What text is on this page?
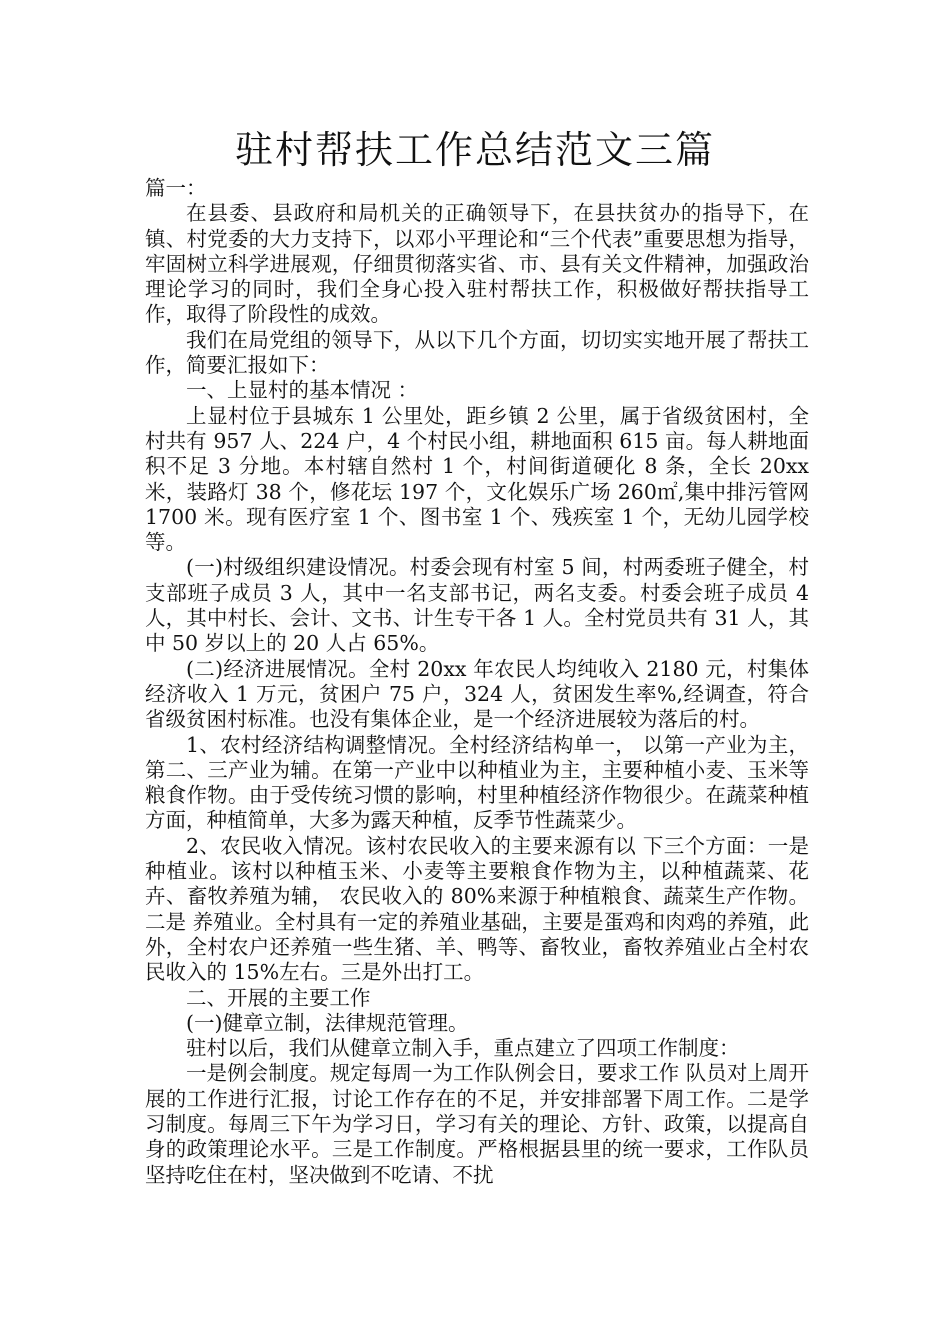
驻村帮扶工作总结范文三篇

篇一：

在县委、县政府和局机关的正确领导下，在县扶贫办的指导下，在镇、村党委的大力支持下，以邓小平理论和“三个代表”重要思想为指导，牢固树立科学进展观，仔细贯彻落实省、市、县有关文件精神，加强政治理论学习的同时，我们全身心投入驻村帮扶工作，积极做好帮扶指导工作，取得了阶段性的成效。

我们在局党组的领导下，从以下几个方面，切切实实地开展了帮扶工作，简要汇报如下：

一、上显村的基本情况 ：

上显村位于县城东 1 公里处，距乡镇 2 公里，属于省级贫困村，全村共有 957 人、224 户，4 个村民小组，耕地面积 615 亩。每人耕地面积不足 3 分地。本村辖自然村 1 个，村间街道硬化 8 条，全长 20xx 米，装路灯 38 个，修花坛 197 个，文化娱乐广场 260㎡,集中排污管网 1700 米。现有医疗室 1 个、图书室 1 个、残疾室 1 个，无幼儿园学校等。

(一)村级组织建设情况。村委会现有村室 5 间，村两委班子健全，村支部班子成员 3 人，其中一名支部书记，两名支委。村委会班子成员 4 人，其中村长、会计、文书、计生专干各 1 人。全村党员共有 31 人，其中 50 岁以上的 20 人占 65%。

(二)经济进展情况。全村 20xx 年农民人均纯收入 2180 元，村集体经济收入 1 万元，贫困户 75 户，324 人，贫困发生率%,经调查，符合省级贫困村标准。也没有集体企业，是一个经济进展较为落后的村。

1、农村经济结构调整情况。全村经济结构单一， 以第一产业为主，第二、三产业为辅。在第一产业中以种植业为主，主要种植小麦、玉米等粮食作物。由于受传统习惯的影响，村里种植经济作物很少。在蔬菜种植方面，种植简单，大多为露天种植，反季节性蔬菜少。

2、农民收入情况。该村农民收入的主要来源有以 下三个方面：一是种植业。该村以种植玉米、小麦等主要粮食作物为主，以种植蔬菜、花卉、畜牧养殖为辅， 农民收入的 80%来源于种植粮食、蔬菜生产作物。二是 养殖业。全村具有一定的养殖业基础，主要是蛋鸡和肉鸡的养殖，此外，全村农户还养殖一些生猪、羊、鸭等、畜牧业，畜牧养殖业占全村农民收入的 15%左右。三是外出打工。

二、开展的主要工作

(一)健章立制，法律规范管理。

驻村以后，我们从健章立制入手，重点建立了四项工作制度：

一是例会制度。规定每周一为工作队例会日，要求工作 队员对上周开展的工作进行汇报，讨论工作存在的不足，并安排部署下周工作。二是学习制度。每周三下午为学习日，学习有关的理论、方针、政策，以提高自身的政策理论水平。三是工作制度。严格根据县里的统一要求，工作队员坚持吃住在村，坚决做到不吃请、不扰
